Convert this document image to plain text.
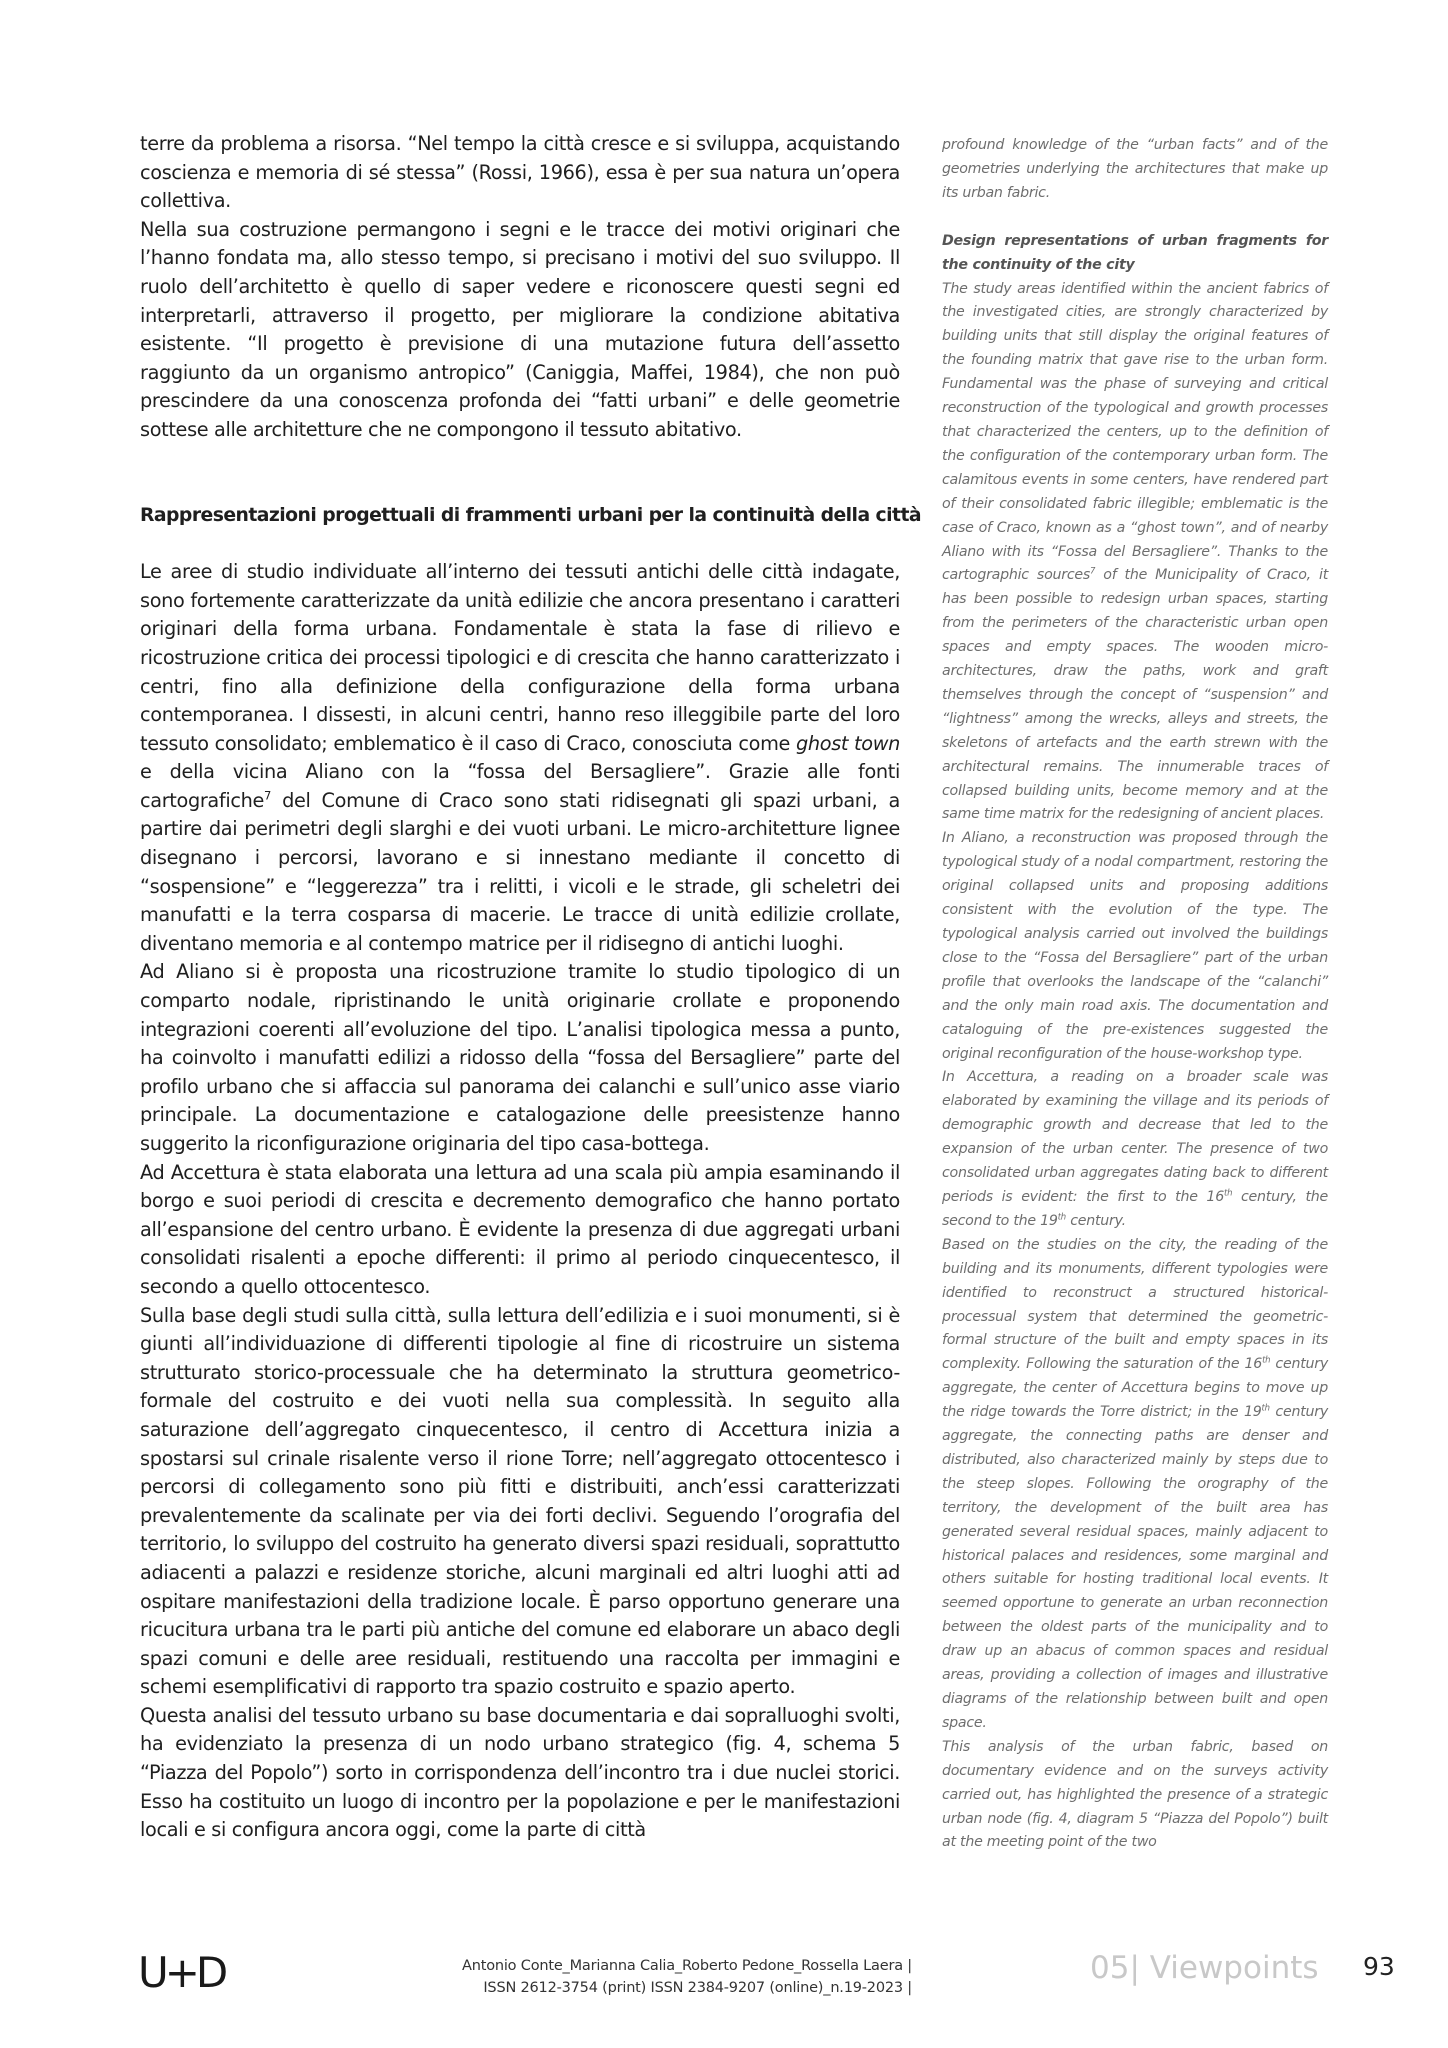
terre da problema a risorsa. “Nel tempo la città cresce e si sviluppa, acquistando coscienza e memoria di sé stessa” (Rossi, 1966), essa è per sua natura un’opera collettiva.

Nella sua costruzione permangono i segni e le tracce dei motivi originari che l’hanno fondata ma, allo stesso tempo, si precisano i motivi del suo sviluppo. Il ruolo dell’architetto è quello di saper vedere e riconoscere questi segni ed interpretarli, attraverso il progetto, per migliorare la condizione abitativa esistente. “Il progetto è previsione di una mutazione futura dell’assetto raggiunto da un organismo antropico” (Caniggia, Maffei, 1984), che non può prescindere da una conoscenza profonda dei “fatti urbani” e delle geometrie sottese alle architetture che ne compongono il tessuto abitativo.

Rappresentazioni progettuali di frammenti urbani per la continuità della città

Le aree di studio individuate all’interno dei tessuti antichi delle città indagate, sono fortemente caratterizzate da unità edilizie che ancora presentano i caratteri originari della forma urbana. Fondamentale è stata la fase di rilievo e ricostruzione critica dei processi tipologici e di crescita che hanno caratterizzato i centri, fino alla definizione della configurazione della forma urbana contemporanea. I dissesti, in alcuni centri, hanno reso illeggibile parte del loro tessuto consolidato; emblematico è il caso di Craco, conosciuta come ghost town e della vicina Aliano con la “fossa del Bersagliere”. Grazie alle fonti cartografiche$^7$ del Comune di Craco sono stati ridisegnati gli spazi urbani, a partire dai perimetri degli slarghi e dei vuoti urbani. Le micro-architetture lignee disegnano i percorsi, lavorano e si innestano mediante il concetto di “sospensione” e “leggerezza” tra i relitti, i vicoli e le strade, gli scheletri dei manufatti e la terra cosparsa di macerie. Le tracce di unità edilizie crollate, diventano memoria e al contempo matrice per il ridisegno di antichi luoghi.

Ad Aliano si è proposta una ricostruzione tramite lo studio tipologico di un comparto nodale, ripristinando le unità originarie crollate e proponendo integrazioni coerenti all’evoluzione del tipo. L’analisi tipologica messa a punto, ha coinvolto i manufatti edilizi a ridosso della “fossa del Bersagliere” parte del profilo urbano che si affaccia sul panorama dei calanchi e sull’unico asse viario principale. La documentazione e catalogazione delle preesistenze hanno suggerito la riconfigurazione originaria del tipo casa-bottega.

Ad Accettura è stata elaborata una lettura ad una scala più ampia esaminando il borgo e suoi periodi di crescita e decremento demografico che hanno portato all’espansione del centro urbano. È evidente la presenza di due aggregati urbani consolidati risalenti a epoche differenti: il primo al periodo cinquecentesco, il secondo a quello ottocentesco.

Sulla base degli studi sulla città, sulla lettura dell’edilizia e i suoi monumenti, si è giunti all’individuazione di differenti tipologie al fine di ricostruire un sistema strutturato storico-processuale che ha determinato la struttura geometrico-formale del costruito e dei vuoti nella sua complessità. In seguito alla saturazione dell’aggregato cinquecentesco, il centro di Accettura inizia a spostarsi sul crinale risalente verso il rione Torre; nell’aggregato ottocentesco i percorsi di collegamento sono più fitti e distribuiti, anch’essi caratterizzati prevalentemente da scalinate per via dei forti declivi. Seguendo l’orografia del territorio, lo sviluppo del costruito ha generato diversi spazi residuali, soprattutto adiacenti a palazzi e residenze storiche, alcuni marginali ed altri luoghi atti ad ospitare manifestazioni della tradizione locale. È parso opportuno generare una ricucitura urbana tra le parti più antiche del comune ed elaborare un abaco degli spazi comuni e delle aree residuali, restituendo una raccolta per immagini e schemi esemplificativi di rapporto tra spazio costruito e spazio aperto.

Questa analisi del tessuto urbano su base documentaria e dai sopralluoghi svolti, ha evidenziato la presenza di un nodo urbano strategico (fig. 4, schema 5 “Piazza del Popolo”) sorto in corrispondenza dell’incontro tra i due nuclei storici. Esso ha costituito un luogo di incontro per la popolazione e per le manifestazioni locali e si configura ancora oggi, come la parte di città

profound knowledge of the “urban facts” and of the geometries underlying the architectures that make up its urban fabric.

Design representations of urban fragments for the continuity of the city

The study areas identified within the ancient fabrics of the investigated cities, are strongly characterized by building units that still display the original features of the founding matrix that gave rise to the urban form. Fundamental was the phase of surveying and critical reconstruction of the typological and growth processes that characterized the centers, up to the definition of the configuration of the contemporary urban form. The calamitous events in some centers, have rendered part of their consolidated fabric illegible; emblematic is the case of Craco, known as a “ghost town”, and of nearby Aliano with its “Fossa del Bersagliere”. Thanks to the cartographic sources$^7$ of the Municipality of Craco, it has been possible to redesign urban spaces, starting from the perimeters of the characteristic urban open spaces and empty spaces. The wooden micro-architectures, draw the paths, work and graft themselves through the concept of “suspension” and “lightness” among the wrecks, alleys and streets, the skeletons of artefacts and the earth strewn with the architectural remains. The innumerable traces of collapsed building units, become memory and at the same time matrix for the redesigning of ancient places.

In Aliano, a reconstruction was proposed through the typological study of a nodal compartment, restoring the original collapsed units and proposing additions consistent with the evolution of the type. The typological analysis carried out involved the buildings close to the “Fossa del Bersagliere” part of the urban profile that overlooks the landscape of the “calanchi” and the only main road axis. The documentation and cataloguing of the pre-existences suggested the original reconfiguration of the house-workshop type.

In Accettura, a reading on a broader scale was elaborated by examining the village and its periods of demographic growth and decrease that led to the expansion of the urban center. The presence of two consolidated urban aggregates dating back to different periods is evident: the first to the 16th century, the second to the 19th century.

Based on the studies on the city, the reading of the building and its monuments, different typologies were identified to reconstruct a structured historical-processual system that determined the geometric-formal structure of the built and empty spaces in its complexity. Following the saturation of the 16th century aggregate, the center of Accettura begins to move up the ridge towards the Torre district; in the 19th century aggregate, the connecting paths are denser and distributed, also characterized mainly by steps due to the steep slopes. Following the orography of the territory, the development of the built area has generated several residual spaces, mainly adjacent to historical palaces and residences, some marginal and others suitable for hosting traditional local events. It seemed opportune to generate an urban reconnection between the oldest parts of the municipality and to draw up an abacus of common spaces and residual areas, providing a collection of images and illustrative diagrams of the relationship between built and open space.

This analysis of the urban fabric, based on documentary evidence and on the surveys activity carried out, has highlighted the presence of a strategic urban node (fig. 4, diagram 5 “Piazza del Popolo”) built at the meeting point of the two

U+D	Antonio Conte_Marianna Calia_Roberto Pedone_Rossella Laera |
ISSN 2612-3754 (print) ISSN 2384-9207 (online)_n.19-2023 |
05| Viewpoints 93
